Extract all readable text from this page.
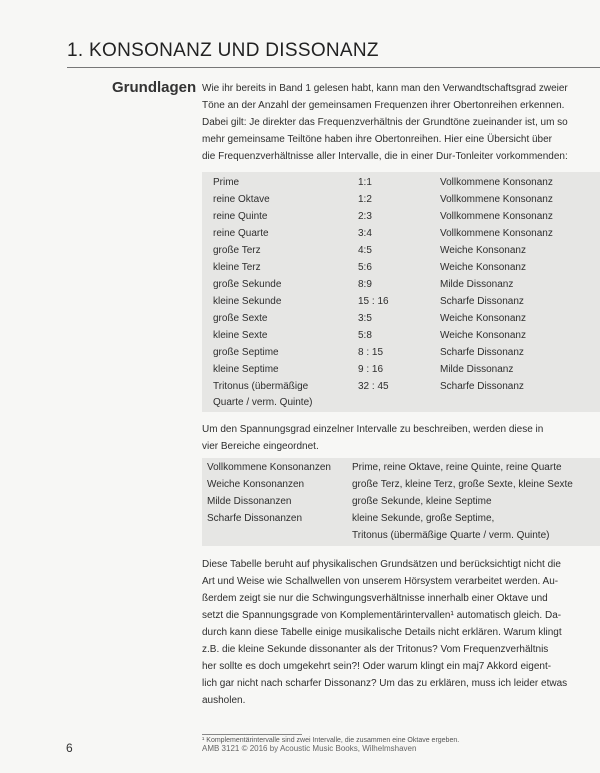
1. KONSONANZ UND DISSONANZ
Grundlagen Wie ihr bereits in Band 1 gelesen habt, kann man den Verwandtschaftsgrad zweier

Töne an der Anzahl der gemeinsamen Frequenzen ihrer Obertonreihen erkennen.

Dabei gilt: Je direkter das Frequenzverhältnis der Grundtöne zueinander ist, um so

mehr gemeinsame Teiltöne haben ihre Obertonreihen. Hier eine Übersicht über

die Frequenzverhältnisse aller Intervalle, die in einer Dur-Tonleiter vorkommenden:

Prime	1:1	Vollkommene Konsonanz
reine Oktave	1:2	Vollkommene Konsonanz
reine Quinte	2:3	Vollkommene Konsonanz
reine Quarte	3:4	Vollkommene Konsonanz
große Terz	4:5	Weiche Konsonanz
kleine Terz	5:6	Weiche Konsonanz
große Sekunde	8:9	Milde Dissonanz
kleine Sekunde	15 : 16	Scharfe Dissonanz
große Sexte	3:5	Weiche Konsonanz
kleine Sexte	5:8	Weiche Konsonanz
große Septime	8 : 15	Scharfe Dissonanz
kleine Septime	9 : 16	Milde Dissonanz
Tritonus (übermäßige	32 : 45	Scharfe Dissonanz
Quarte / verm. Quinte)

Um den Spannungsgrad einzelner Intervalle zu beschreiben, werden diese in

vier Bereiche eingeordnet.

Vollkommene Konsonanzen Prime, reine Oktave, reine Quinte, reine Quarte
Weiche Konsonanzen	große Terz, kleine Terz, große Sexte, kleine Sexte
Milde Dissonanzen	große Sekunde, kleine Septime
Scharfe Dissonanzen	kleine Sekunde, große Septime,
Tritonus (übermäßige Quarte / verm. Quinte)

Diese Tabelle beruht auf physikalischen Grundsätzen und berücksichtigt nicht die

Art und Weise wie Schallwellen von unserem Hörsystem verarbeitet werden. Au-

ßerdem zeigt sie nur die Schwingungsverhältnisse innerhalb einer Oktave und

setzt die Spannungsgrade von Komplementärintervallen¹ automatisch gleich. Da-

durch kann diese Tabelle einige musikalische Details nicht erklären. Warum klingt

z.B. die kleine Sekunde dissonanter als der Tritonus? Vom Frequenzverhältnis

her sollte es doch umgekehrt sein?! Oder warum klingt ein maj7 Akkord eigent-

lich gar nicht nach scharfer Dissonanz? Um das zu erklären, muss ich leider etwas

ausholen.

¹ Komplementärintervalle sind zwei Intervalle, die zusammen eine Oktave ergeben.
6	AMB 3121 © 2016 by Acoustic Music Books, Wilhelmshaven
